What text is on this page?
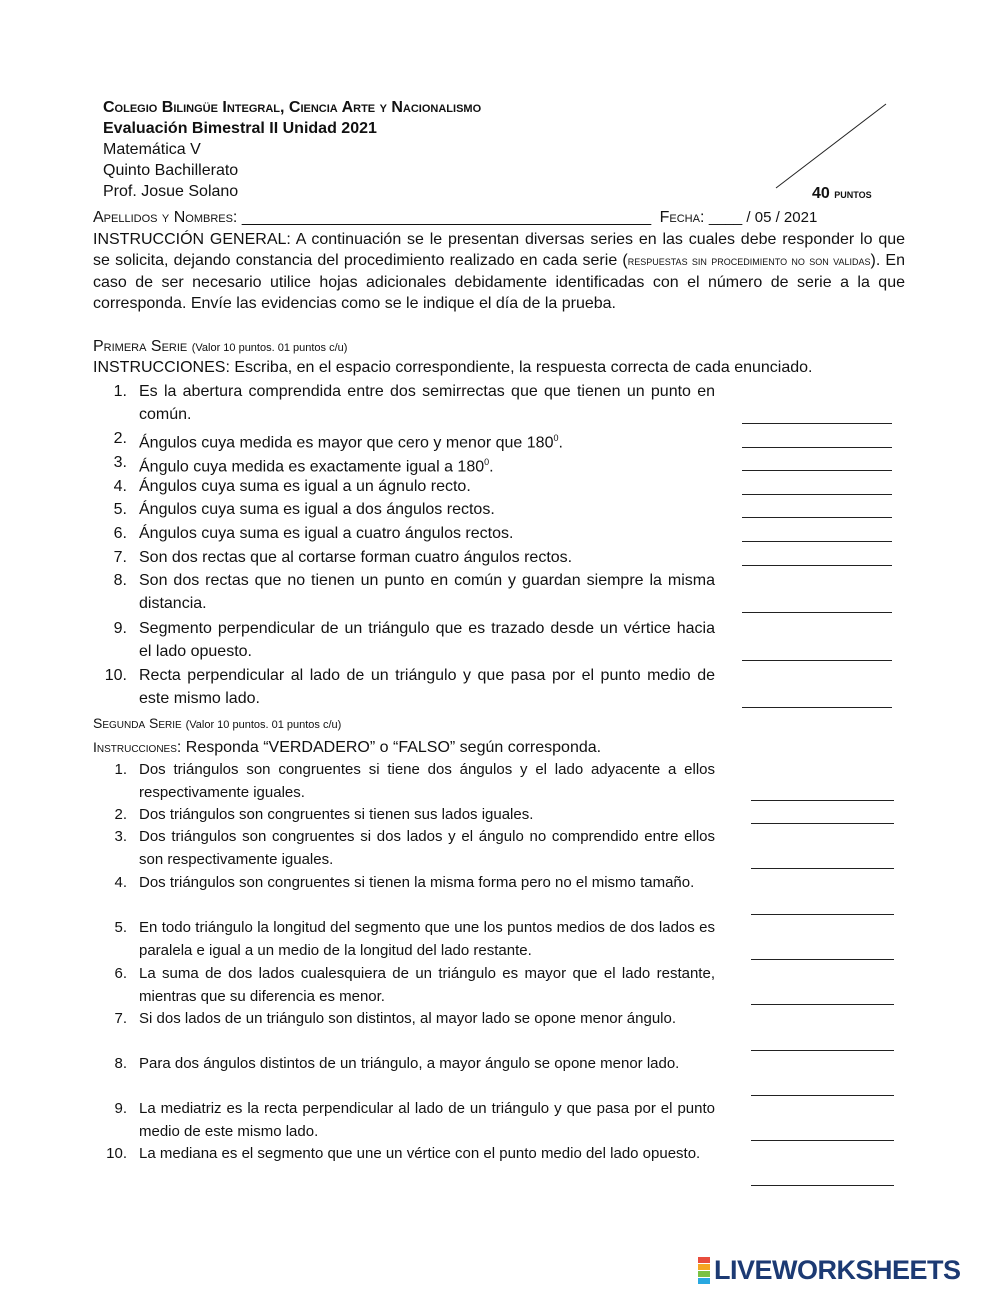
Colegio Bilingüe Integral, Ciencia Arte y Nacionalismo
Evaluación Bimestral II Unidad 2021
Matemática V
Quinto Bachillerato
Prof. Josue Solano	40 puntos
Apellidos y Nombres: ______________________________________________ Fecha: ____ / 05 / 2021
INSTRUCCIÓN GENERAL: A continuación se le presentan diversas series en las cuales debe responder lo que se solicita, dejando constancia del procedimiento realizado en cada serie (respuestas sin procedimiento no son validas). En caso de ser necesario utilice hojas adicionales debidamente identificadas con el número de serie a la que corresponda. Envíe las evidencias como se le indique el día de la prueba.
Primera Serie (Valor 10 puntos. 01 puntos c/u)
INSTRUCCIONES: Escriba, en el espacio correspondiente, la respuesta correcta de cada enunciado.
1. Es la abertura comprendida entre dos semirrectas que que tienen un punto en común.
2. Ángulos cuya medida es mayor que cero y menor que $180^0$.
3. Ángulo cuya medida es exactamente igual a $180^0$.
4. Ángulos cuya suma es igual a un ágnulo recto.
5. Ángulos cuya suma es igual a dos ángulos rectos.
6. Ángulos cuya suma es igual a cuatro ángulos rectos.
7. Son dos rectas que al cortarse forman cuatro ángulos rectos.
8. Son dos rectas que no tienen un punto en común y guardan siempre la misma distancia.
9. Segmento perpendicular de un triángulo que es trazado desde un vértice hacia el lado opuesto.
10. Recta perpendicular al lado de un triángulo y que pasa por el punto medio de este mismo lado.
Segunda Serie (Valor 10 puntos. 01 puntos c/u)
Instrucciones: Responda “VERDADERO” o “FALSO” según corresponda.
1. Dos triángulos son congruentes si tiene dos ángulos y el lado adyacente a ellos respectivamente iguales.
2. Dos triángulos son congruentes si tienen sus lados iguales.
3. Dos triángulos son congruentes si dos lados y el ángulo no comprendido entre ellos son respectivamente iguales.
4. Dos triángulos son congruentes si tienen la misma forma pero no el mismo tamaño.
5. En todo triángulo la longitud del segmento que une los puntos medios de dos lados es paralela e igual a un medio de la longitud del lado restante.
6. La suma de dos lados cualesquiera de un triángulo es mayor que el lado restante, mientras que su diferencia es menor.
7. Si dos lados de un triángulo son distintos, al mayor lado se opone menor ángulo.
8. Para dos ángulos distintos de un triángulo, a mayor ángulo se opone menor lado.
9. La mediatriz es la recta perpendicular al lado de un triángulo y que pasa por el punto medio de este mismo lado.
10. La mediana es el segmento que une un vértice con el punto medio del lado opuesto.
LIVEWORKSHEETS
